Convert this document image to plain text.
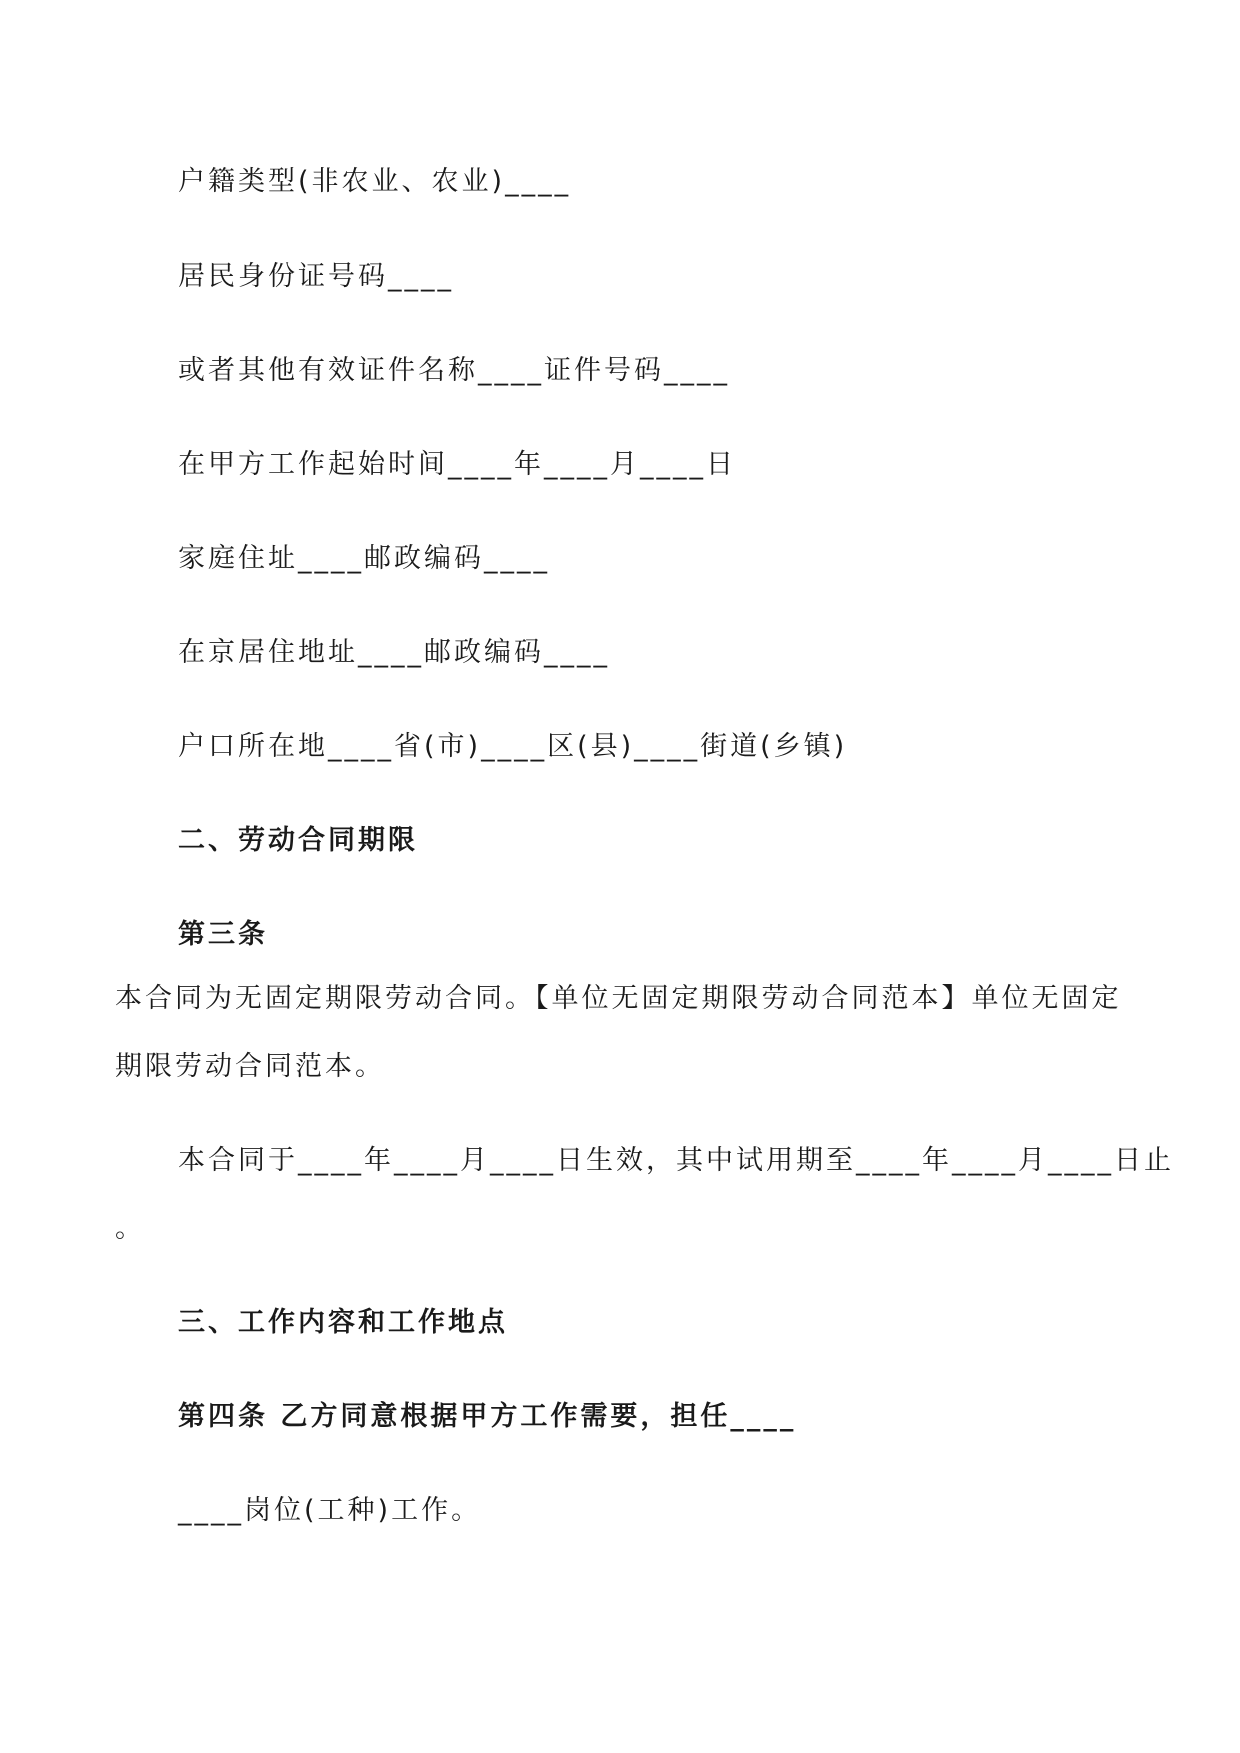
户籍类型(非农业、农业)____
居民身份证号码____
或者其他有效证件名称____证件号码____
在甲方工作起始时间____年____月____日
家庭住址____邮政编码____
在京居住地址____邮政编码____
户口所在地____省(市)____区(县)____街道(乡镇)
二、劳动合同期限
第三条
本合同为无固定期限劳动合同。【单位无固定期限劳动合同范本】单位无固定
期限劳动合同范本。
本合同于____年____月____日生效，其中试用期至____年____月____日止
。
三、工作内容和工作地点
第四条 乙方同意根据甲方工作需要，担任____
____岗位(工种)工作。
